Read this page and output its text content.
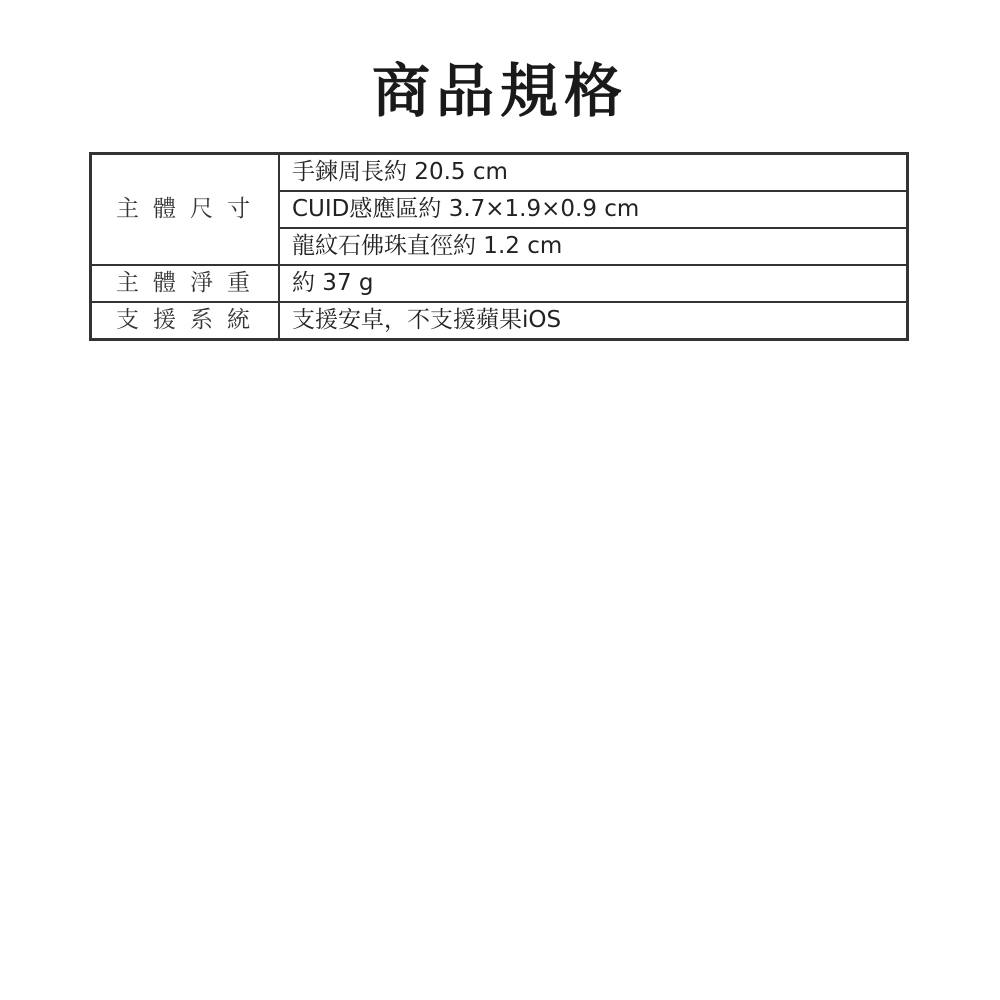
商品規格
主體尺寸	手鍊周長約 20.5 cm
	CUID感應區約 3.7×1.9×0.9 cm
	龍紋石佛珠直徑約 1.2 cm
主體淨重	約 37 g
支援系統	支援安卓，不支援蘋果iOS
